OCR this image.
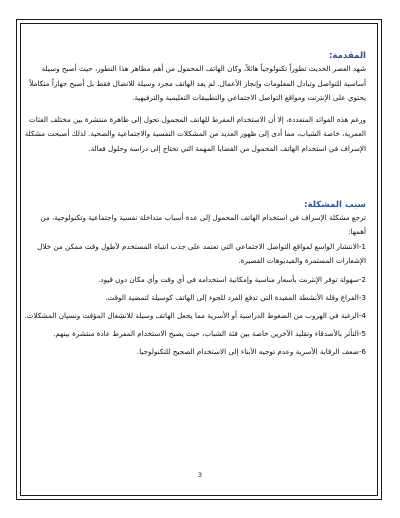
المقدمة:

شهد العصر الحديث تطوراً تكنولوجياً هائلاً، وكان الهاتف المحمول من أهم مظاهر هذا التطور، حيث أصبح وسيلة أساسية للتواصل وتبادل المعلومات وإنجاز الأعمال. لم يعد الهاتف مجرد وسيلة للاتصال فقط بل أصبح جهازاً متكاملاً يحتوي على الإنترنت ومواقع التواصل الاجتماعي والتطبيقات التعليمية والترفيهية.

ورغم هذه الفوائد المتعددة، إلا أن الاستخدام المفرط للهاتف المحمول تحول إلى ظاهرة منتشرة بين مختلف الفئات العمرية، خاصة الشباب، مما أدى إلى ظهور العديد من المشكلات النفسية والاجتماعية والصحية. لذلك أصبحت مشكلة الإسراف في استخدام الهاتف المحمول من القضايا المهمة التي تحتاج إلى دراسة وحلول فعالة.

سبب المشكلة:

ترجع مشكلة الإسراف في استخدام الهاتف المحمول إلى عدة أسباب متداخلة نفسية واجتماعية وتكنولوجية، من أهمها:

1-الانتشار الواسع لمواقع التواصل الاجتماعي التي تعتمد على جذب انتباه المستخدم لأطول وقت ممكن من خلال الإشعارات المستمرة والفيديوهات القصيرة.

2-سهولة توفر الإنترنت بأسعار مناسبة وإمكانية استخدامه في أي وقت وأي مكان دون قيود.

3-الفراغ وقلة الأنشطة المفيدة التي تدفع الفرد للجوء إلى الهاتف كوسيلة لتمضية الوقت.

4-الرغبة في الهروب من الضغوط الدراسية أو الأسرية مما يجعل الهاتف وسيلة للانشغال المؤقت ونسيان المشكلات.

5-التأثر بالأصدقاء وتقليد الآخرين خاصة بين فئة الشباب، حيث يصبح الاستخدام المفرط عادة منتشرة بينهم.

6-ضعف الرقابة الأسرية وعدم توجيه الأبناء إلى الاستخدام الصحيح للتكنولوجيا.

3
